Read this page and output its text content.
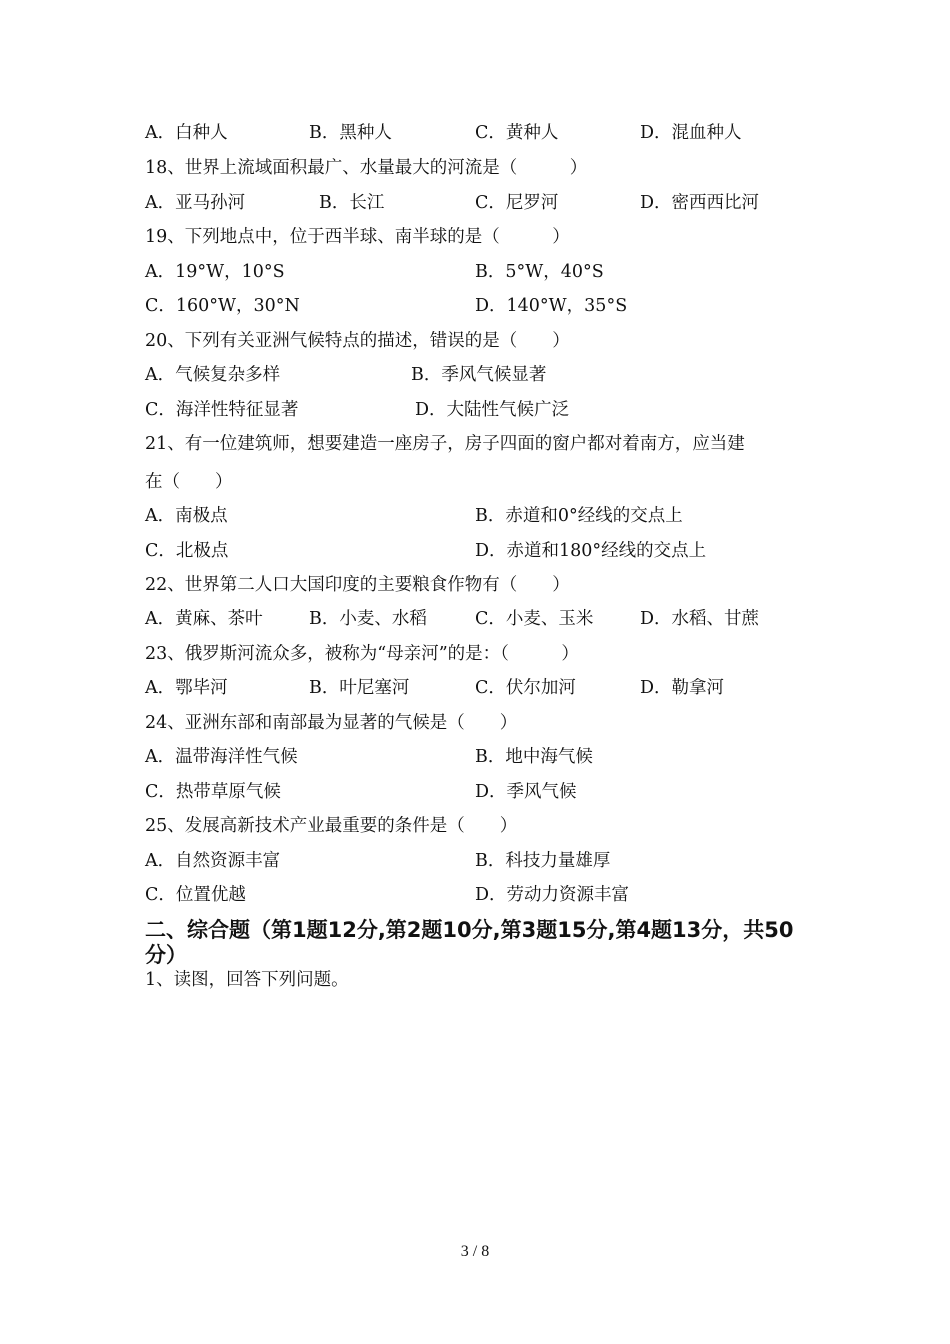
A．白种人	B．黑种人	C．黄种人	D．混血种人
18、世界上流域面积最广、水量最大的河流是（　　　）
A．亚马孙河	B．长江	C．尼罗河	D．密西西比河
19、下列地点中，位于西半球、南半球的是（　　　）
A．19°W，10°S	B．5°W，40°S
C．160°W，30°N	D．140°W，35°S
20、下列有关亚洲气候特点的描述，错误的是（　　）
A．气候复杂多样	B．季风气候显著
C．海洋性特征显著	D．大陆性气候广泛
21、有一位建筑师，想要建造一座房子，房子四面的窗户都对着南方，应当建
在（　　）
A．南极点	B．赤道和0°经线的交点上
C．北极点	D．赤道和180°经线的交点上
22、世界第二人口大国印度的主要粮食作物有（　　）
A．黄麻、茶叶	B．小麦、水稻	C．小麦、玉米	D．水稻、甘蔗
23、俄罗斯河流众多，被称为“母亲河”的是：（　　　）
A．鄂毕河	B．叶尼塞河	C．伏尔加河	D．勒拿河
24、亚洲东部和南部最为显著的气候是（　　）
A．温带海洋性气候	B．地中海气候
C．热带草原气候	D．季风气候
25、发展高新技术产业最重要的条件是（　　）
A．自然资源丰富	B．科技力量雄厚
C．位置优越	D．劳动力资源丰富
二、综合题（第1题12分,第2题10分,第3题15分,第4题13分，共50分）
1、读图，回答下列问题。
3 / 8
